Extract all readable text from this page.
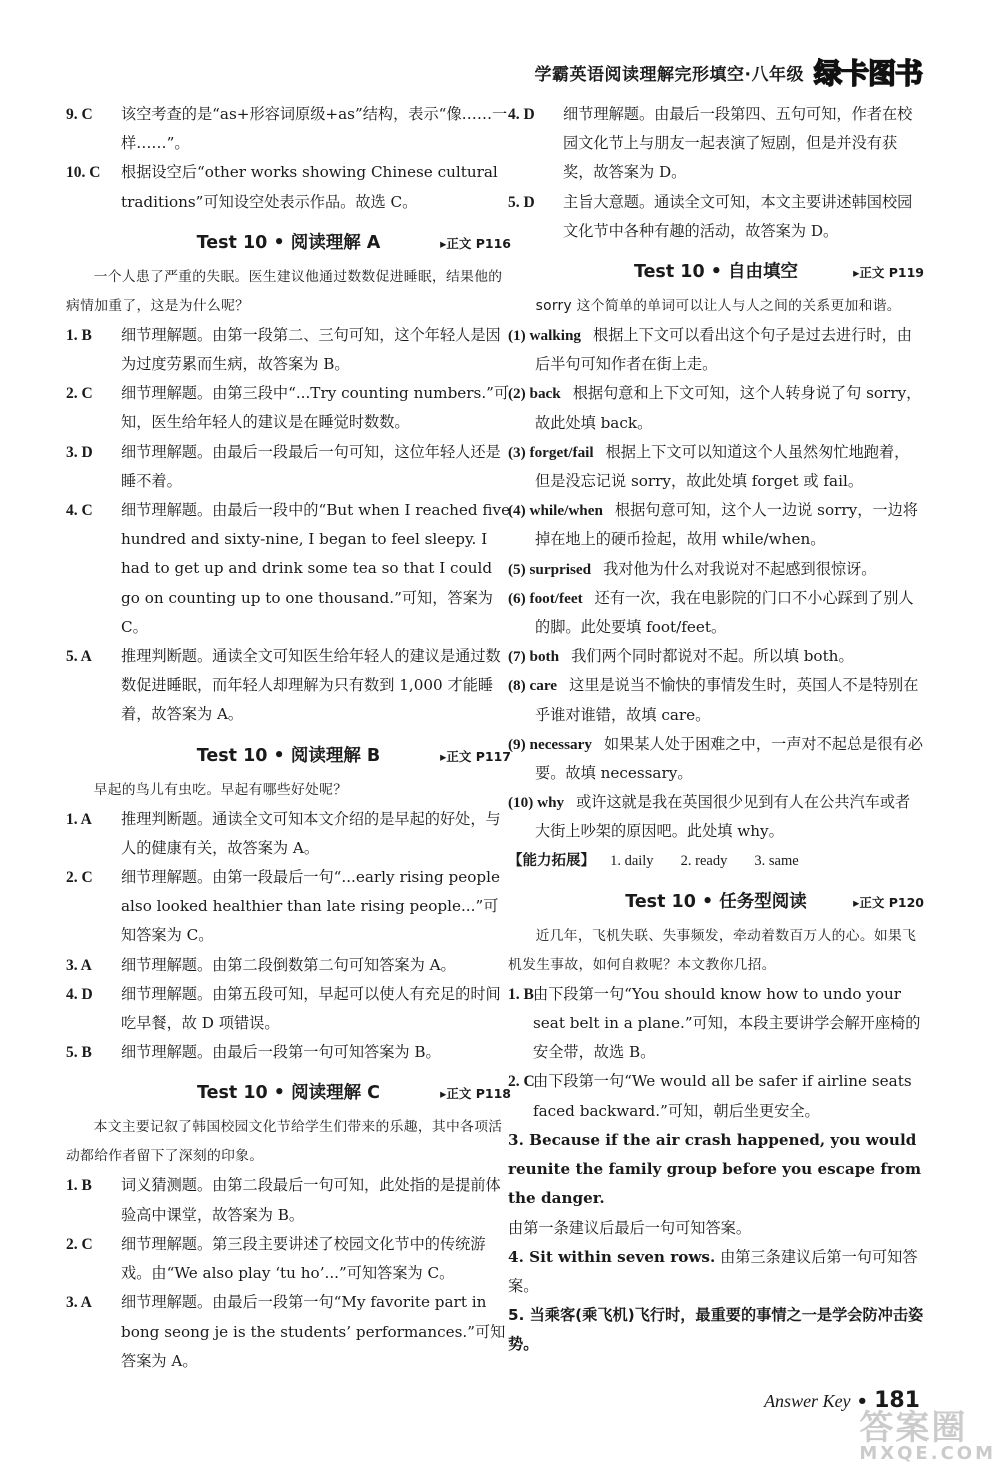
学霸英语阅读理解完形填空·八年级 绿卡图书
9. C 该空考查的是“as+形容词原级+as”结构，表示“像……一样……”。
10. C 根据设空后“other works showing Chinese cultural traditions”可知设空处表示作品。故选 C。
Test 10 • 阅读理解 A	▸正文 P116
一个人患了严重的失眠。医生建议他通过数数促进睡眠，结果他的病情加重了，这是为什么呢？
1. B 细节理解题。由第一段第二、三句可知，这个年轻人是因为过度劳累而生病，故答案为 B。
2. C 细节理解题。由第三段中“...Try counting numbers.”可知，医生给年轻人的建议是在睡觉时数数。
3. D 细节理解题。由最后一段最后一句可知，这位年轻人还是睡不着。
4. C 细节理解题。由最后一段中的“But when I reached five hundred and sixty-nine, I began to feel sleepy. I had to get up and drink some tea so that I could go on counting up to one thousand.”可知，答案为 C。
5. A 推理判断题。通读全文可知医生给年轻人的建议是通过数数促进睡眠，而年轻人却理解为只有数到 1,000 才能睡着，故答案为 A。
Test 10 • 阅读理解 B	▸正文 P117
早起的鸟儿有虫吃。早起有哪些好处呢？
1. A 推理判断题。通读全文可知本文介绍的是早起的好处，与人的健康有关，故答案为 A。
2. C 细节理解题。由第一段最后一句“...early rising people also looked healthier than late rising people...”可知答案为 C。
3. A 细节理解题。由第二段倒数第二句可知答案为 A。
4. D 细节理解题。由第五段可知，早起可以使人有充足的时间吃早餐，故 D 项错误。
5. B 细节理解题。由最后一段第一句可知答案为 B。
Test 10 • 阅读理解 C	▸正文 P118
本文主要记叙了韩国校园文化节给学生们带来的乐趣，其中各项活动都给作者留下了深刻的印象。
1. B 词义猜测题。由第二段最后一句可知，此处指的是提前体验高中课堂，故答案为 B。
2. C 细节理解题。第三段主要讲述了校园文化节中的传统游戏。由“We also play ‘tu ho’...”可知答案为 C。
3. A 细节理解题。由最后一段第一句“My favorite part in bong seong je is the students’ performances.”可知答案为 A。
4. D 细节理解题。由最后一段第四、五句可知，作者在校园文化节上与朋友一起表演了短剧，但是并没有获奖，故答案为 D。
5. D 主旨大意题。通读全文可知，本文主要讲述韩国校园文化节中各种有趣的活动，故答案为 D。
Test 10 • 自由填空	▸正文 P119
sorry 这个简单的单词可以让人与人之间的关系更加和谐。
(1) walking 根据上下文可以看出这个句子是过去进行时，由后半句可知作者在街上走。
(2) back 根据句意和上下文可知，这个人转身说了句 sorry，故此处填 back。
(3) forget/fail 根据上下文可以知道这个人虽然匆忙地跑着，但是没忘记说 sorry，故此处填 forget 或 fail。
(4) while/when 根据句意可知，这个人一边说 sorry，一边将掉在地上的硬币捡起，故用 while/when。
(5) surprised 我对他为什么对我说对不起感到很惊讶。
(6) foot/feet 还有一次，我在电影院的门口不小心踩到了别人的脚。此处要填 foot/feet。
(7) both 我们两个同时都说对不起。所以填 both。
(8) care 这里是说当不愉快的事情发生时，英国人不是特别在乎谁对谁错，故填 care。
(9) necessary 如果某人处于困难之中，一声对不起总是很有必要。故填 necessary。
(10) why 或许这就是我在英国很少见到有人在公共汽车或者大街上吵架的原因吧。此处填 why。
【能力拓展】 1. daily 2. ready 3. same
Test 10 • 任务型阅读	▸正文 P120
近几年，飞机失联、失事频发，牵动着数百万人的心。如果飞机发生事故，如何自救呢？本文教你几招。
1. B 由下段第一句“You should know how to undo your seat belt in a plane.”可知，本段主要讲学会解开座椅的安全带，故选 B。
2. C
由下段第一句“We would all be safer if airline seats faced backward.”可知，朝后坐更安全。
3. Because if the air crash happened, you would reunite the family group before you escape from the danger.
由第一条建议后最后一句可知答案。
4. Sit within seven rows. 由第三条建议后第一句可知答案。
5. 当乘客(乘飞机)飞行时，最重要的事情之一是学会防冲击姿势。
Answer Key • 181
答案圈
MXQE.COM
